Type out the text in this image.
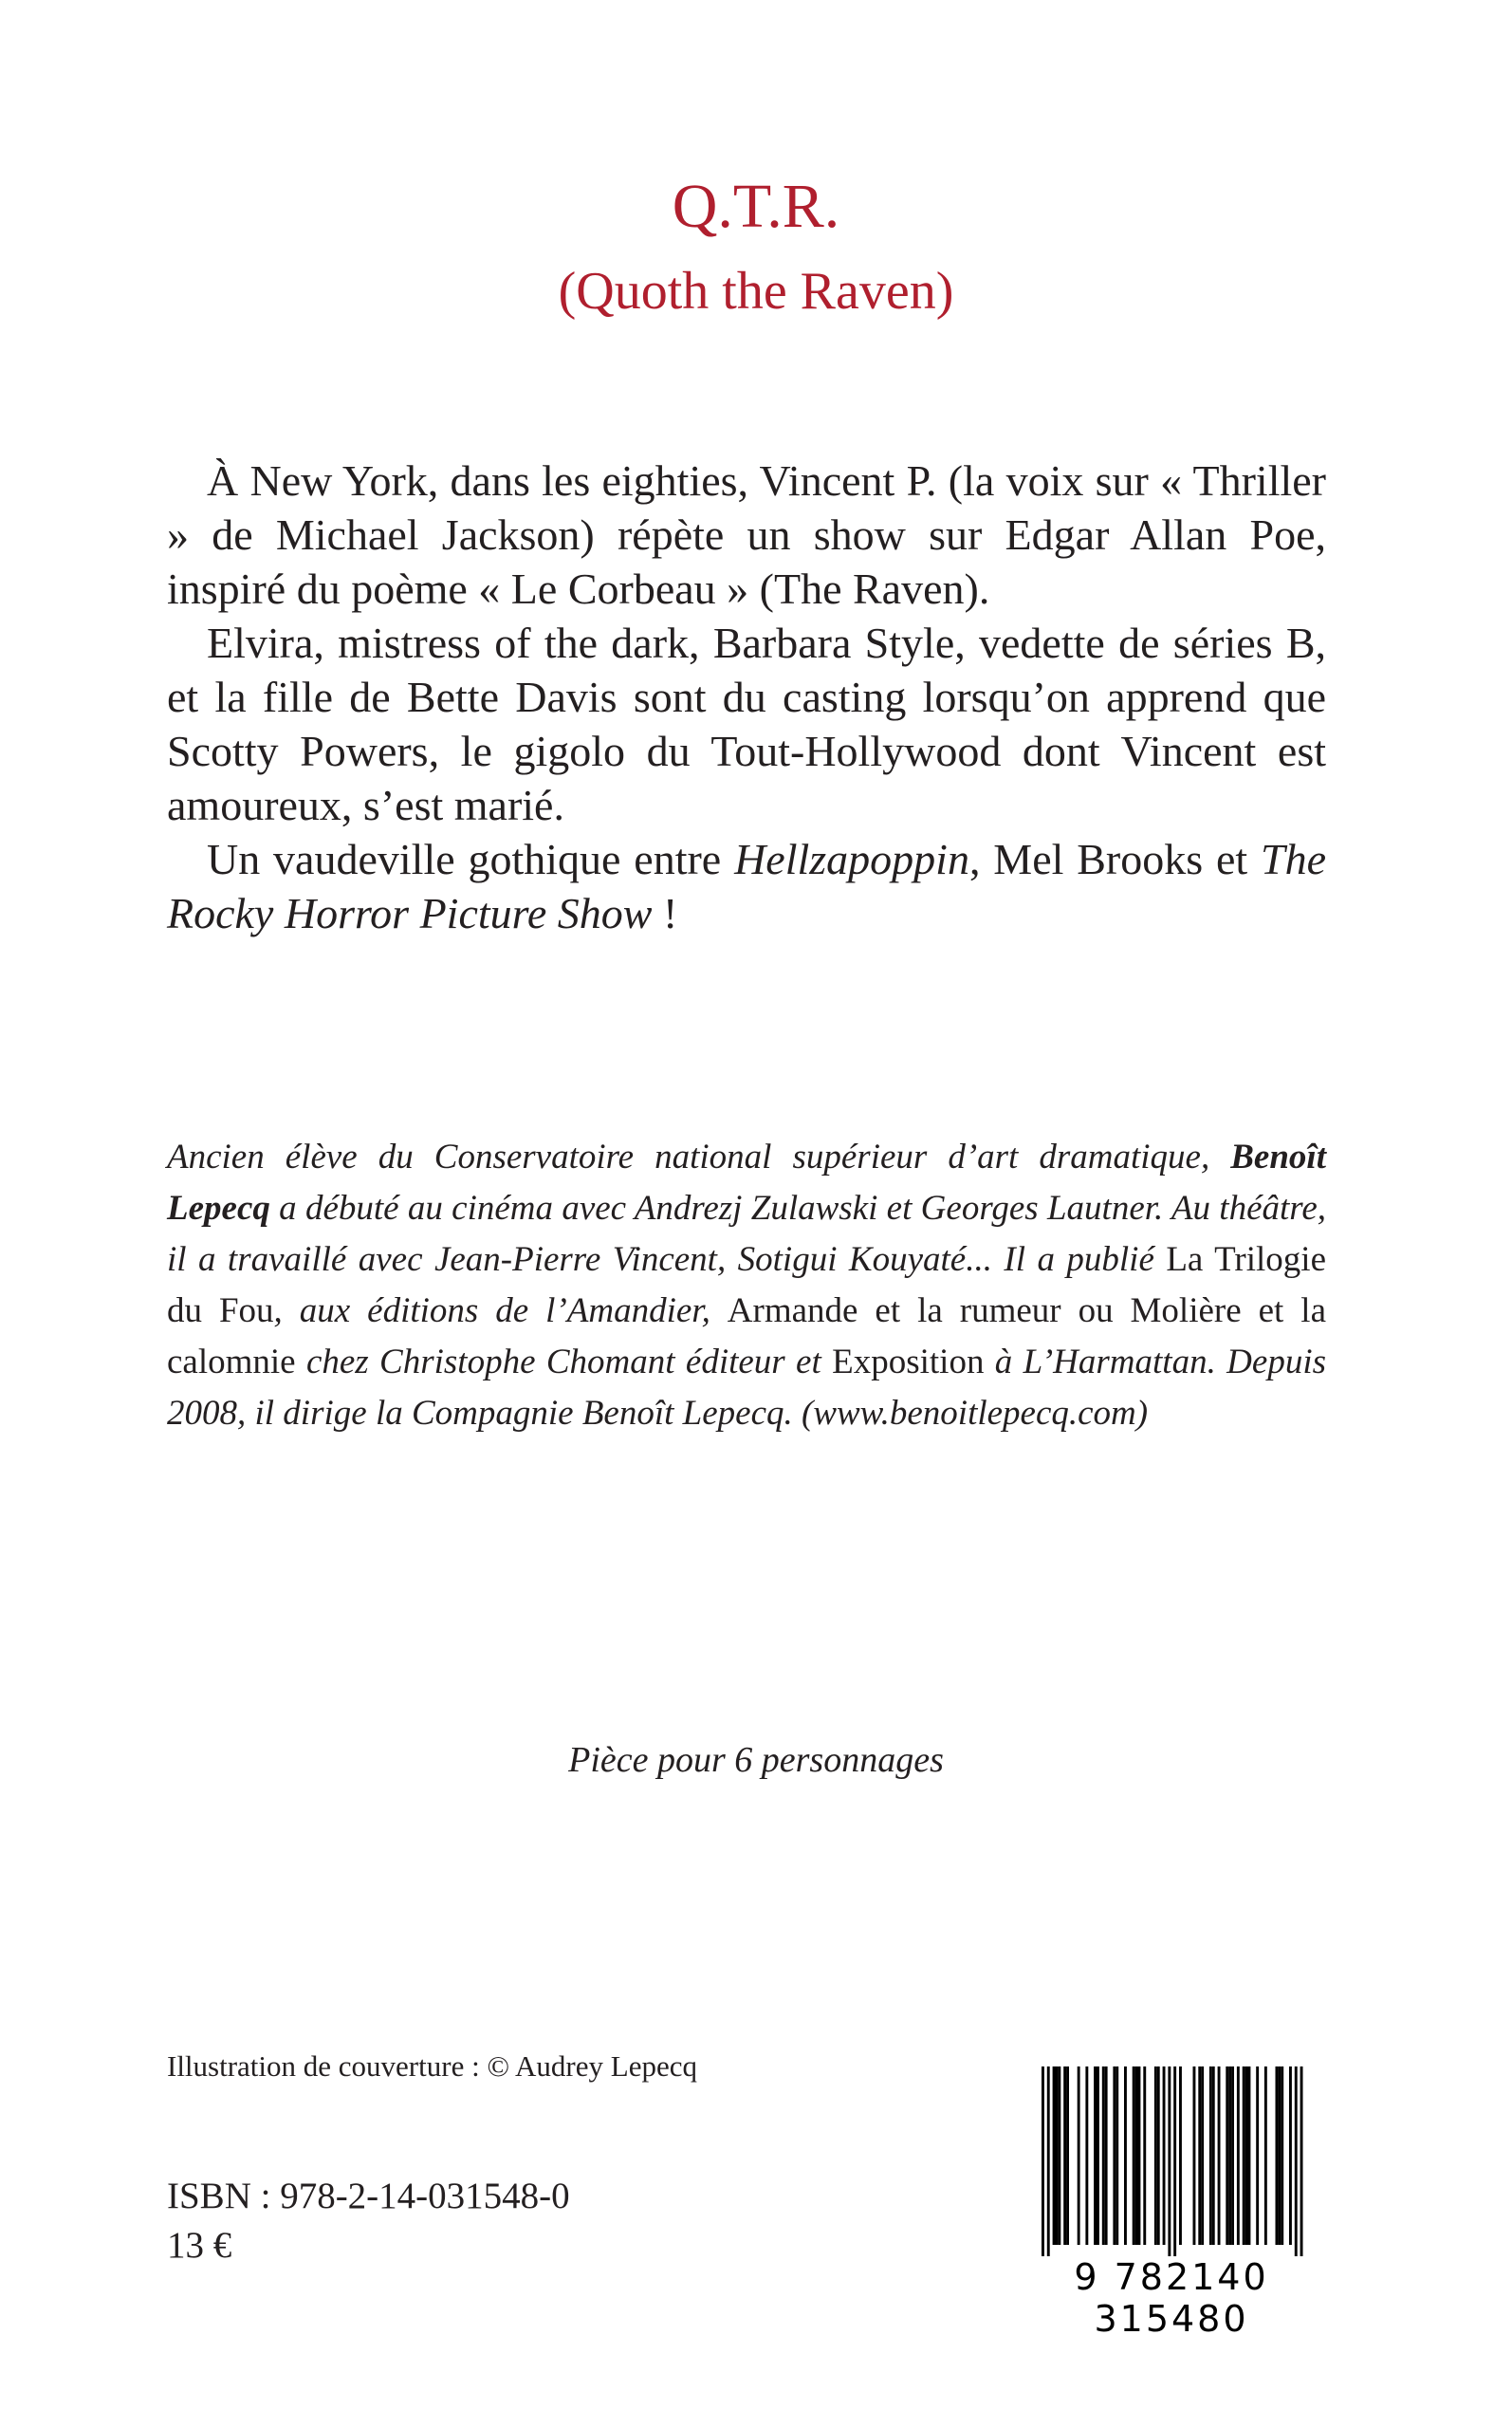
Q.T.R.
(Quoth the Raven)

À New York, dans les eighties, Vincent P. (la voix sur « Thriller » de Michael Jackson) répète un show sur Edgar Allan Poe, inspiré du poème « Le Corbeau » (The Raven).

Elvira, mistress of the dark, Barbara Style, vedette de séries B, et la fille de Bette Davis sont du casting lorsqu’on apprend que Scotty Powers, le gigolo du Tout-Hollywood dont Vincent est amoureux, s’est marié.

Un vaudeville gothique entre Hellzapoppin, Mel Brooks et The Rocky Horror Picture Show !

Ancien élève du Conservatoire national supérieur d’art dramatique, Benoît Lepecq a débuté au cinéma avec Andrezj Zulawski et Georges Lautner. Au théâtre, il a travaillé avec Jean-Pierre Vincent, Sotigui Kouyaté... Il a publié La Trilogie du Fou, aux éditions de l’Amandier, Armande et la rumeur ou Molière et la calomnie chez Christophe Chomant éditeur et Exposition à L’Harmattan. Depuis 2008, il dirige la Compagnie Benoît Lepecq. (www.benoitlepecq.com)

Pièce pour 6 personnages

Illustration de couverture : © Audrey Lepecq

ISBN : 978-2-14-031548-0

13 €

9 782140 315480
